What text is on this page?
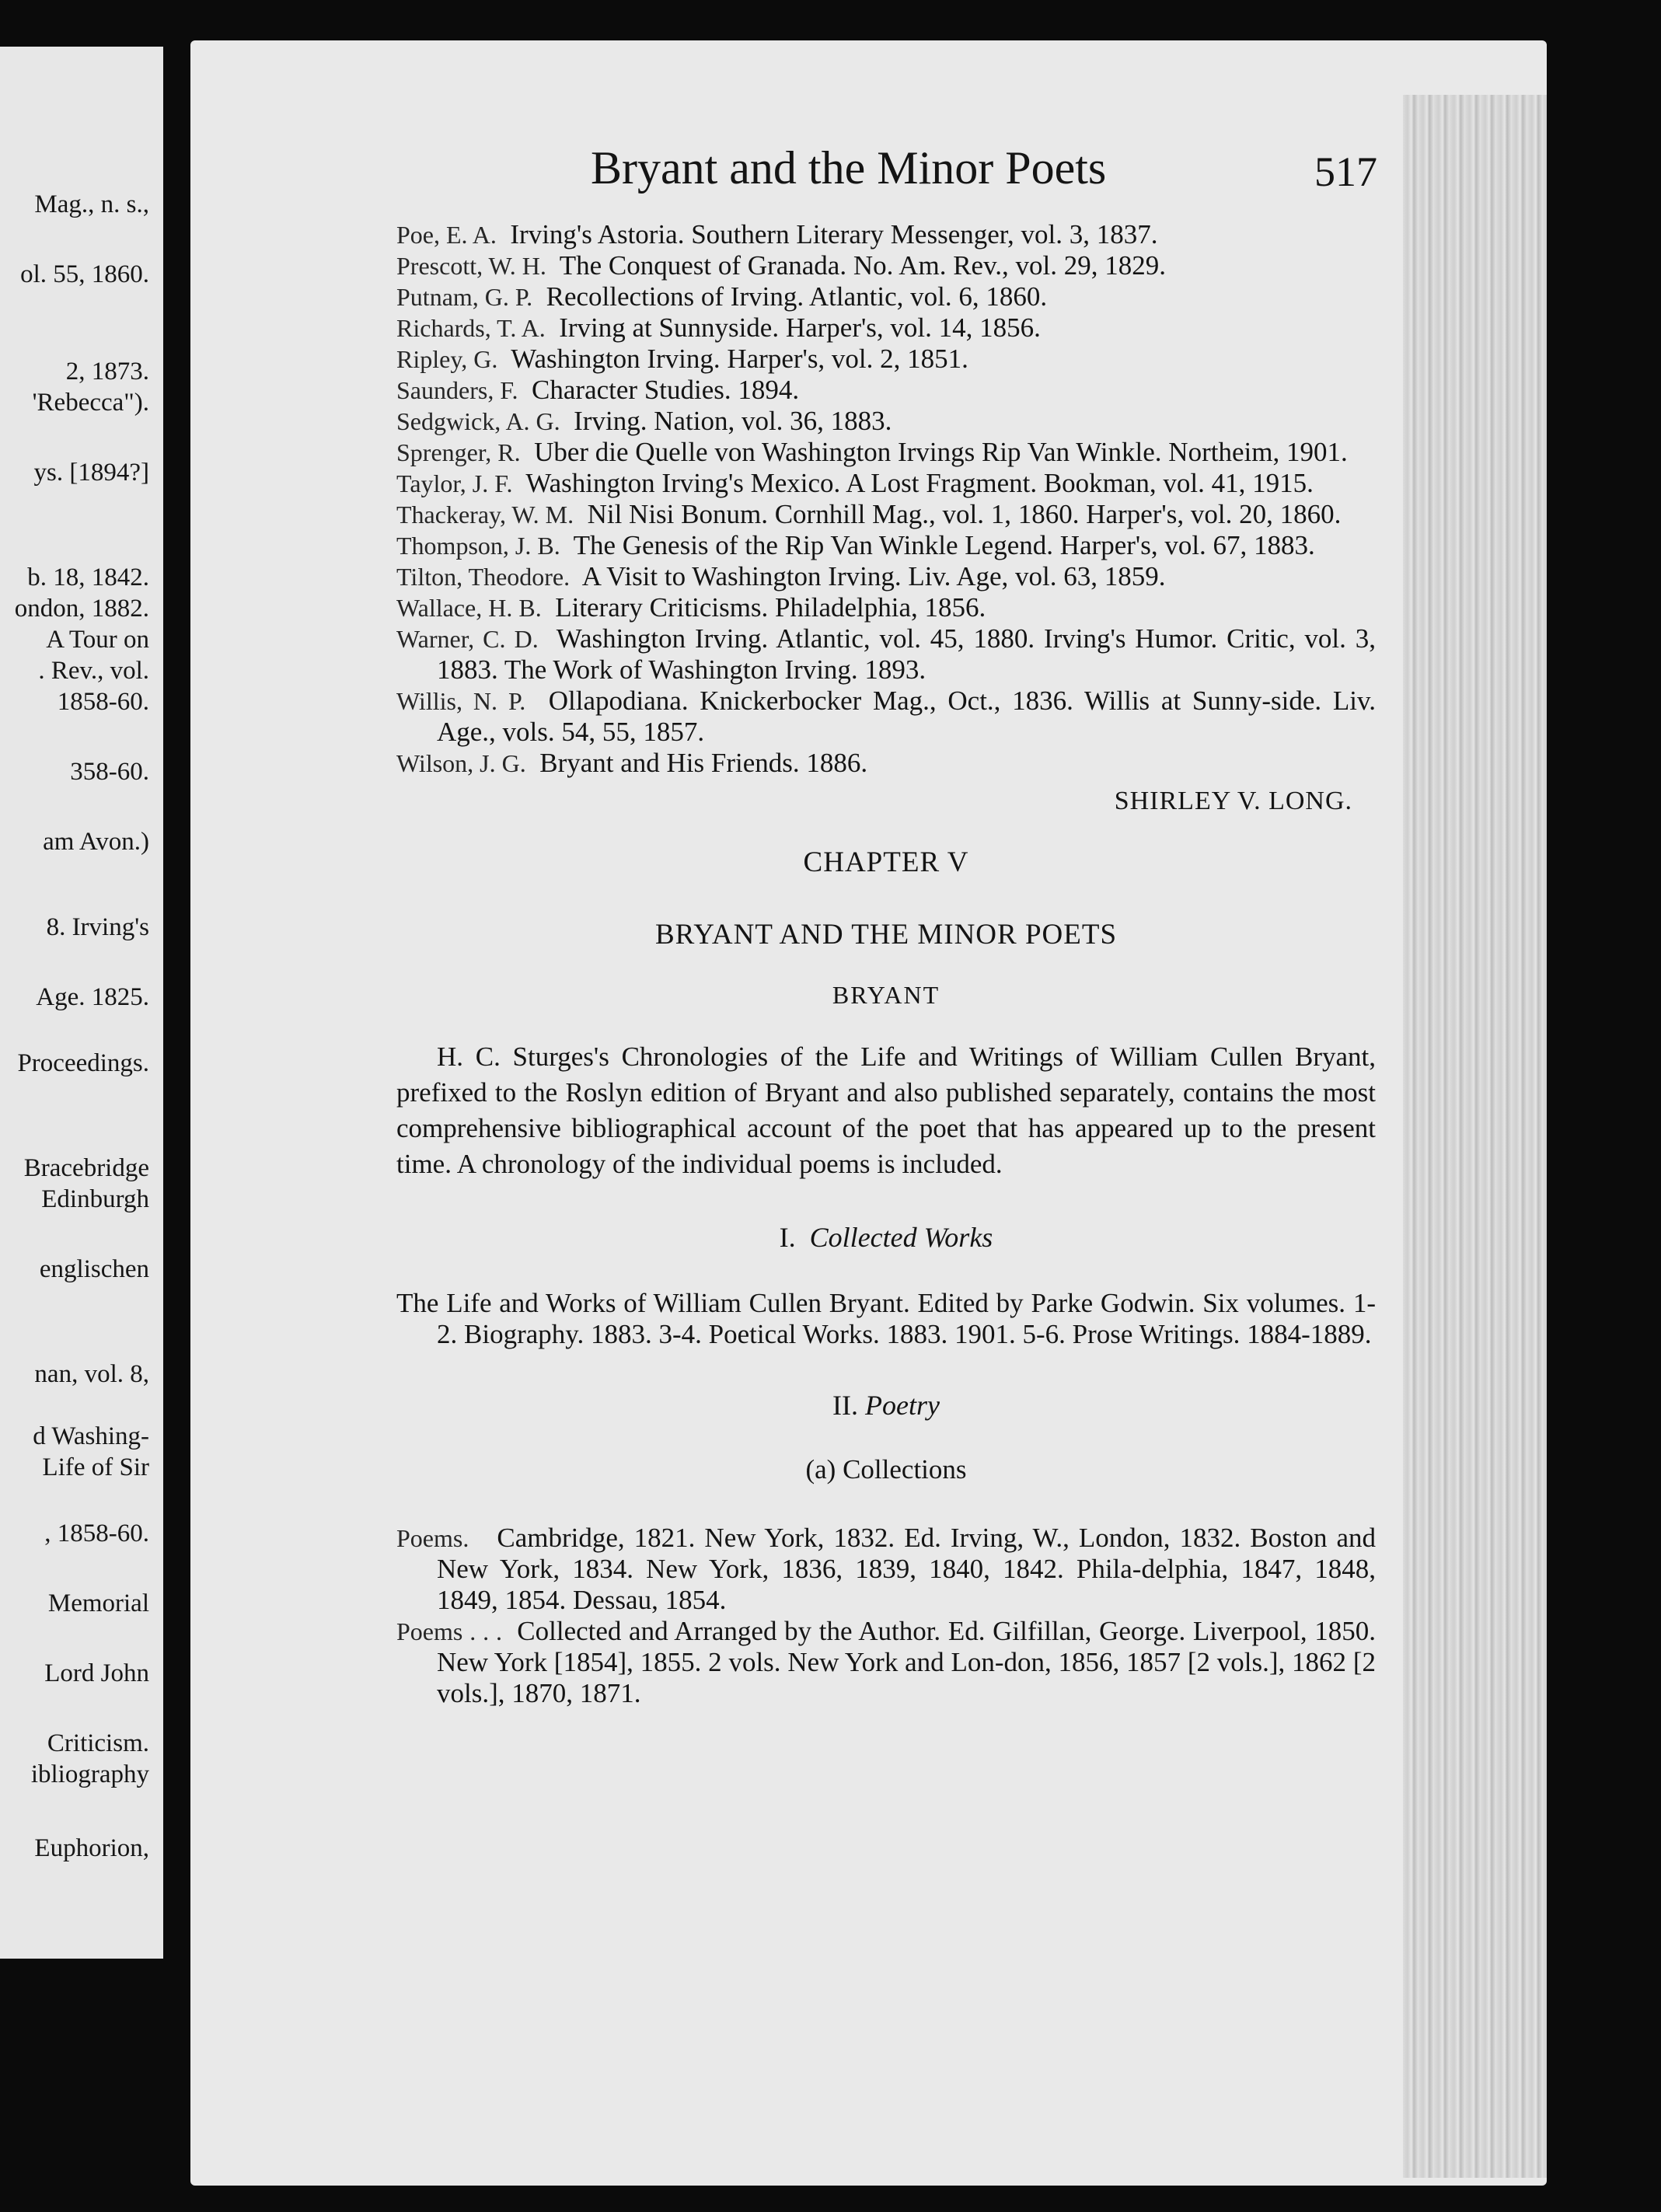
Mag., n. s.,
ol. 55, 1860.
2, 1873.
'Rebecca").
ys. [1894?]
b. 18, 1842.
ondon, 1882.
A Tour on
. Rev., vol.
1858-60.
358-60.
am Avon.)
8. Irving's
Age. 1825.
Proceedings.
Bracebridge
Edinburgh
englischen
nan, vol. 8,
d Washing-
Life of Sir
, 1858-60.
Memorial
Lord John
Criticism.
ibliography
Euphorion,
Bryant and the Minor Poets	517

Poe, E. A. Irving's Astoria. Southern Literary Messenger, vol. 3, 1837.

Prescott, W. H. The Conquest of Granada. No. Am. Rev., vol. 29, 1829.

Putnam, G. P. Recollections of Irving. Atlantic, vol. 6, 1860.

Richards, T. A. Irving at Sunnyside. Harper's, vol. 14, 1856.

Ripley, G. Washington Irving. Harper's, vol. 2, 1851.

Saunders, F. Character Studies. 1894.

Sedgwick, A. G. Irving. Nation, vol. 36, 1883.

Sprenger, R. Uber die Quelle von Washington Irvings Rip Van Winkle. Northeim, 1901.

Taylor, J. F. Washington Irving's Mexico. A Lost Fragment. Bookman, vol. 41, 1915.

Thackeray, W. M. Nil Nisi Bonum. Cornhill Mag., vol. 1, 1860. Harper's, vol. 20, 1860.

Thompson, J. B. The Genesis of the Rip Van Winkle Legend. Harper's, vol. 67, 1883.

Tilton, Theodore. A Visit to Washington Irving. Liv. Age, vol. 63, 1859.

Wallace, H. B. Literary Criticisms. Philadelphia, 1856.

Warner, C. D. Washington Irving. Atlantic, vol. 45, 1880. Irving's Humor. Critic, vol. 3, 1883. The Work of Washington Irving. 1893.

Willis, N. P. Ollapodiana. Knickerbocker Mag., Oct., 1836. Willis at Sunny-side. Liv. Age., vols. 54, 55, 1857.

Wilson, J. G. Bryant and His Friends. 1886.

SHIRLEY V. LONG.
CHAPTER V
BRYANT AND THE MINOR POETS
BRYANT

H. C. Sturges's Chronologies of the Life and Writings of William Cullen Bryant, prefixed to the Roslyn edition of Bryant and also published separately, contains the most comprehensive bibliographical account of the poet that has appeared up to the present time. A chronology of the individual poems is included.

I. Collected Works

The Life and Works of William Cullen Bryant. Edited by Parke Godwin. Six volumes. 1-2. Biography. 1883. 3-4. Poetical Works. 1883. 1901. 5-6. Prose Writings. 1884-1889.

II. Poetry
(a) Collections

Poems. Cambridge, 1821. New York, 1832. Ed. Irving, W., London, 1832. Boston and New York, 1834. New York, 1836, 1839, 1840, 1842. Phila-delphia, 1847, 1848, 1849, 1854. Dessau, 1854.

Poems . . . Collected and Arranged by the Author. Ed. Gilfillan, George. Liverpool, 1850. New York [1854], 1855. 2 vols. New York and Lon-don, 1856, 1857 [2 vols.], 1862 [2 vols.], 1870, 1871.
